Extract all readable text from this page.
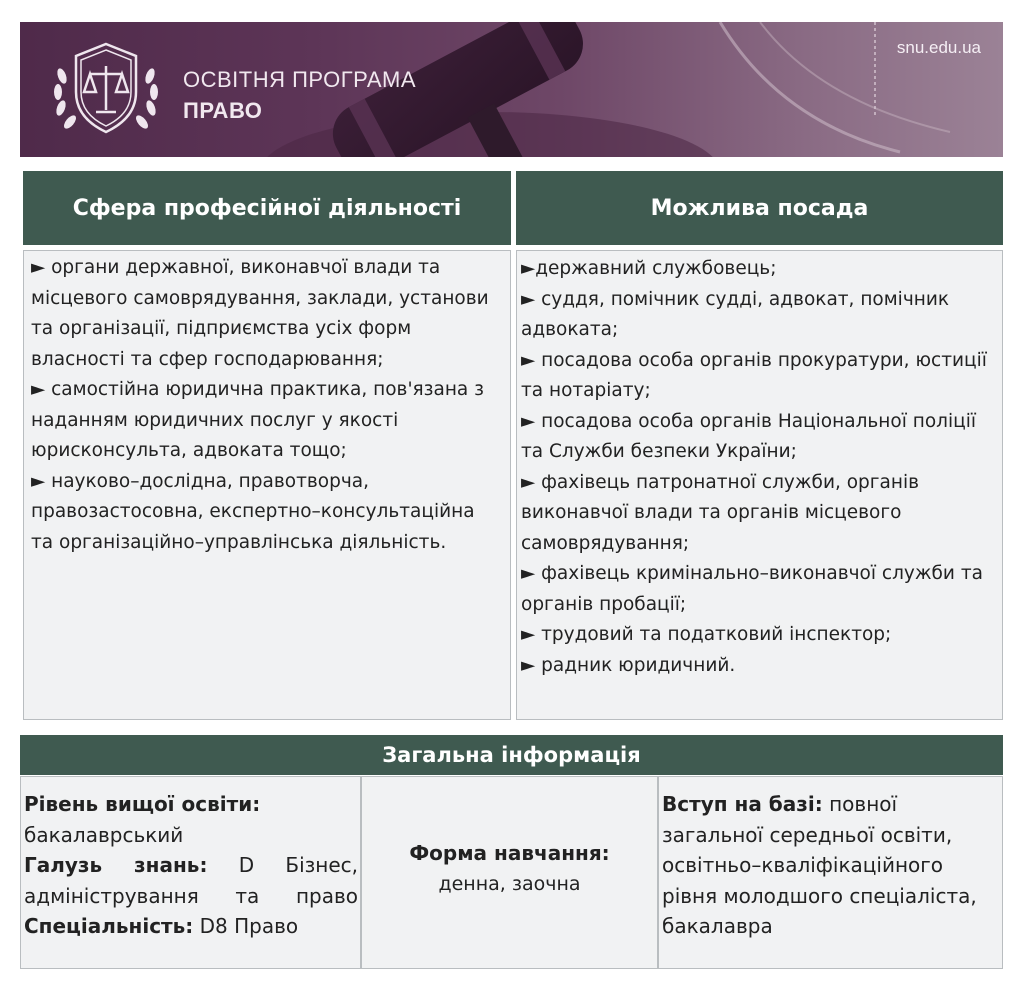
ОСВІТНЯ ПРОГРАМА
ПРАВО
snu.edu.ua
Сфера професійної діяльності	Можлива посада

► органи державної, виконавчої влади та місцевого самоврядування, заклади, установи та організації, підприємства усіх форм власності та сфер господарювання;

► самостійна юридична практика, пов'язана з наданням юридичних послуг у якості юрисконсульта, адвоката тощо;

► науково–дослідна, правотворча, правозастосовна, експертно–консультаційна та організаційно–управлінська діяльність.

►державний службовець;

► суддя, помічник судді, адвокат, помічник адвоката;

► посадова особа органів прокуратури, юстиції та нотаріату;

► посадова особа органів Національної поліції та Служби безпеки України;

► фахівець патронатної служби, органів виконавчої влади та органів місцевого самоврядування;

► фахівець кримінально–виконавчої служби та органів пробації;

► трудовий та податковий інспектор;

► радник юридичний.

Загальна інформація

Рівень вищої освіти:

бакалаврський

Галузь знань: D Бізнес, адміністрування та право

Спеціальність: D8 Право

Форма навчання:

денна, заочна

Вступ на базі: повної загальної середньої освіти, освітньо–кваліфікаційного рівня молодшого спеціаліста, бакалавра
